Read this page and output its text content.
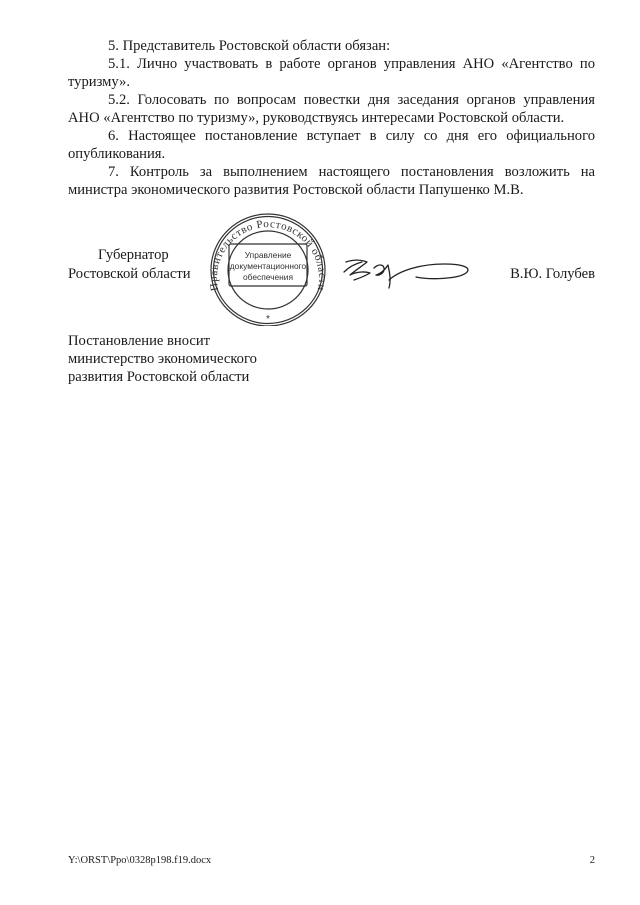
5. Представитель Ростовской области обязан:

5.1. Лично участвовать в работе органов управления АНО «Агентство по туризму».

5.2. Голосовать по вопросам повестки дня заседания органов управления АНО «Агентство по туризму», руководствуясь интересами Ростовской области.

6. Настоящее постановление вступает в силу со дня его официального опубликования.

7. Контроль за выполнением настоящего постановления возложить на министра экономического развития Ростовской области Папушенко М.В.

Губернатор
Ростовской области
Правительство Ростовской области
Управление
документационного
обеспечения
*
В.Ю. Голубев
Постановление вносит
министерство экономического
развития Ростовской области
Y:\ORST\Ppo\0328p198.f19.docx	2
